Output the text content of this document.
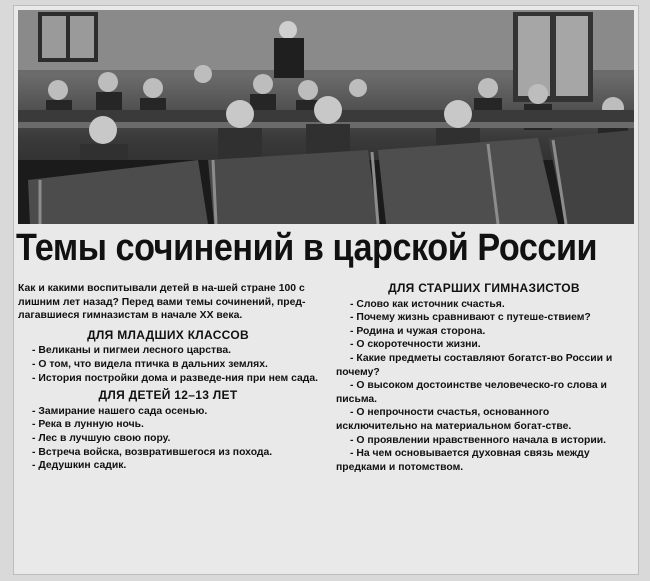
Темы сочинений в царской России

Как и какими воспитывали детей в на-шей стране 100 с лишним лет назад? Перед вами темы сочинений, пред-лагавшиеся гимназистам в начале XX века.

ДЛЯ МЛАДШИХ КЛАССОВ

- Великаны и пигмеи лесного царства.

- О том, что видела птичка в дальних землях.

- История постройки дома и разведе-ния при нем сада.

ДЛЯ ДЕТЕЙ 12–13 ЛЕТ

- Замирание нашего сада осенью.

- Река в лунную ночь.

- Лес в лучшую свою пору.

- Встреча войска, возвратившегося из похода.

- Дедушкин садик.

ДЛЯ СТАРШИХ ГИМНАЗИСТОВ

- Слово как источник счастья.

- Почему жизнь сравнивают с путеше-ствием?

- Родина и чужая сторона.

- О скоротечности жизни.

- Какие предметы составляют богатст-во России и почему?

- О высоком достоинстве человеческо-го слова и письма.

- О непрочности счастья, основанного исключительно на материальном богат-стве.

- О проявлении нравственного начала в истории.

- На чем основывается духовная связь между предками и потомством.
